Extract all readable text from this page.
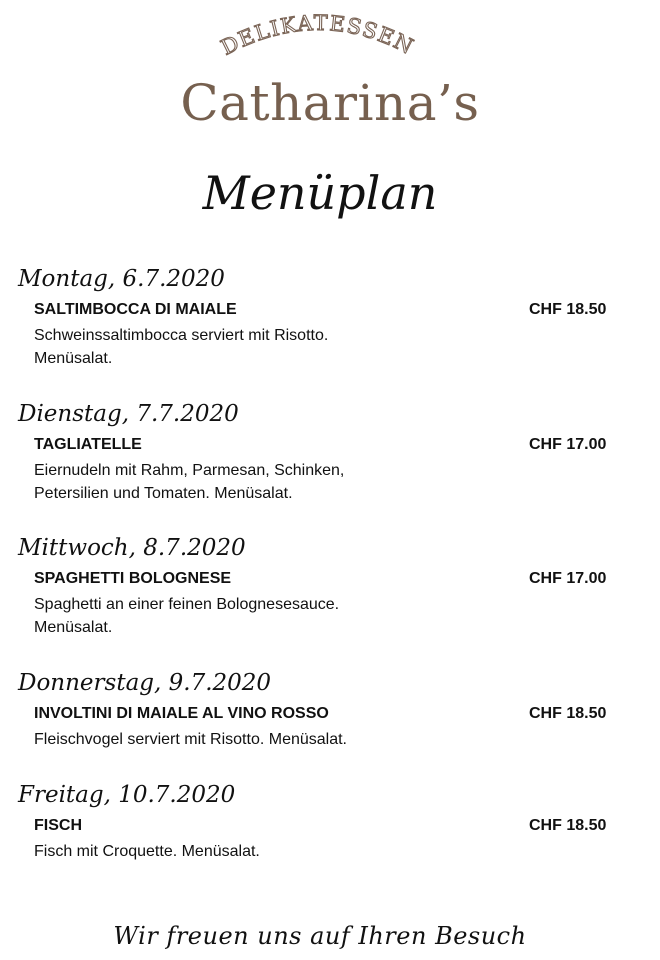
DELIKATESSEN
Catharina’s
Menüplan
Montag, 6.7.2020
SALTIMBOCCA DI MAIALE	CHF 18.50
Schweinssaltimbocca serviert mit Risotto.
Menüsalat.
Dienstag, 7.7.2020
TAGLIATELLE	CHF 17.00
Eiernudeln mit Rahm, Parmesan, Schinken,
Petersilien und Tomaten. Menüsalat.
Mittwoch, 8.7.2020
SPAGHETTI BOLOGNESE	CHF 17.00
Spaghetti an einer feinen Bolognesesauce.
Menüsalat.
Donnerstag, 9.7.2020
INVOLTINI DI MAIALE AL VINO ROSSO	CHF 18.50
Fleischvogel serviert mit Risotto. Menüsalat.
Freitag, 10.7.2020
FISCH	CHF 18.50
Fisch mit Croquette. Menüsalat.
Wir freuen uns auf Ihren Besuch
